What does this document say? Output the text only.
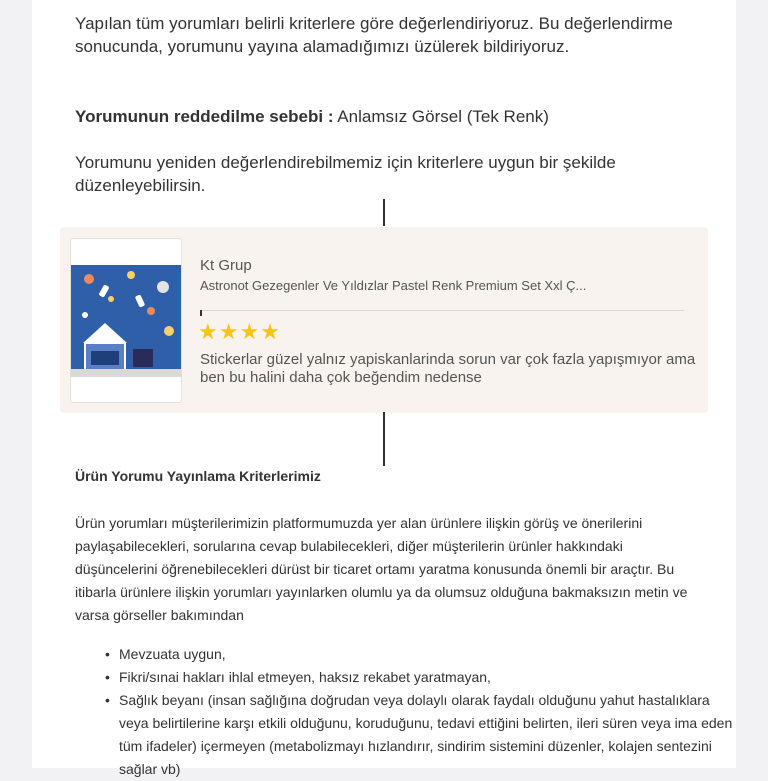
Yapılan tüm yorumları belirli kriterlere göre değerlendiriyoruz. Bu değerlendirme sonucunda, yorumunu yayına alamadığımızı üzülerek bildiriyoruz.

Yorumunun reddedilme sebebi : Anlamsız Görsel (Tek Renk)
Yorumunu yeniden değerlendirebilmemiz için kriterlere uygun bir şekilde düzenleyebilirsin.
Kt Grup
Astronot Gezegenler Ve Yıldızlar Pastel Renk Premium Set Xxl Ç...
★★★★
Stickerlar güzel yalnız yapiskanlarinda sorun var çok fazla yapışmıyor ama ben bu halini daha çok beğendim nedense
Ürün Yorumu Yayınlama Kriterlerimiz
Ürün yorumları müşterilerimizin platformumuzda yer alan ürünlere ilişkin görüş ve önerilerini paylaşabilecekleri, sorularına cevap bulabilecekleri, diğer müşterilerin ürünler hakkındaki düşüncelerini öğrenebilecekleri dürüst bir ticaret ortamı yaratma konusunda önemli bir araçtır. Bu itibarla ürünlere ilişkin yorumları yayınlarken olumlu ya da olumsuz olduğuna bakmaksızın metin ve varsa görseller bakımından
• Mevzuata uygun,
• Fikri/sınai hakları ihlal etmeyen, haksız rekabet yaratmayan,
• Sağlık beyanı (insan sağlığına doğrudan veya dolaylı olarak faydalı olduğunu yahut hastalıklara veya belirtilerine karşı etkili olduğunu, koruduğunu, tedavi ettiğini belirten, ileri süren veya ima eden tüm ifadeler) içermeyen (metabolizmayı hızlandırır, sindirim sistemini düzenler, kolajen sentezini sağlar vb)
